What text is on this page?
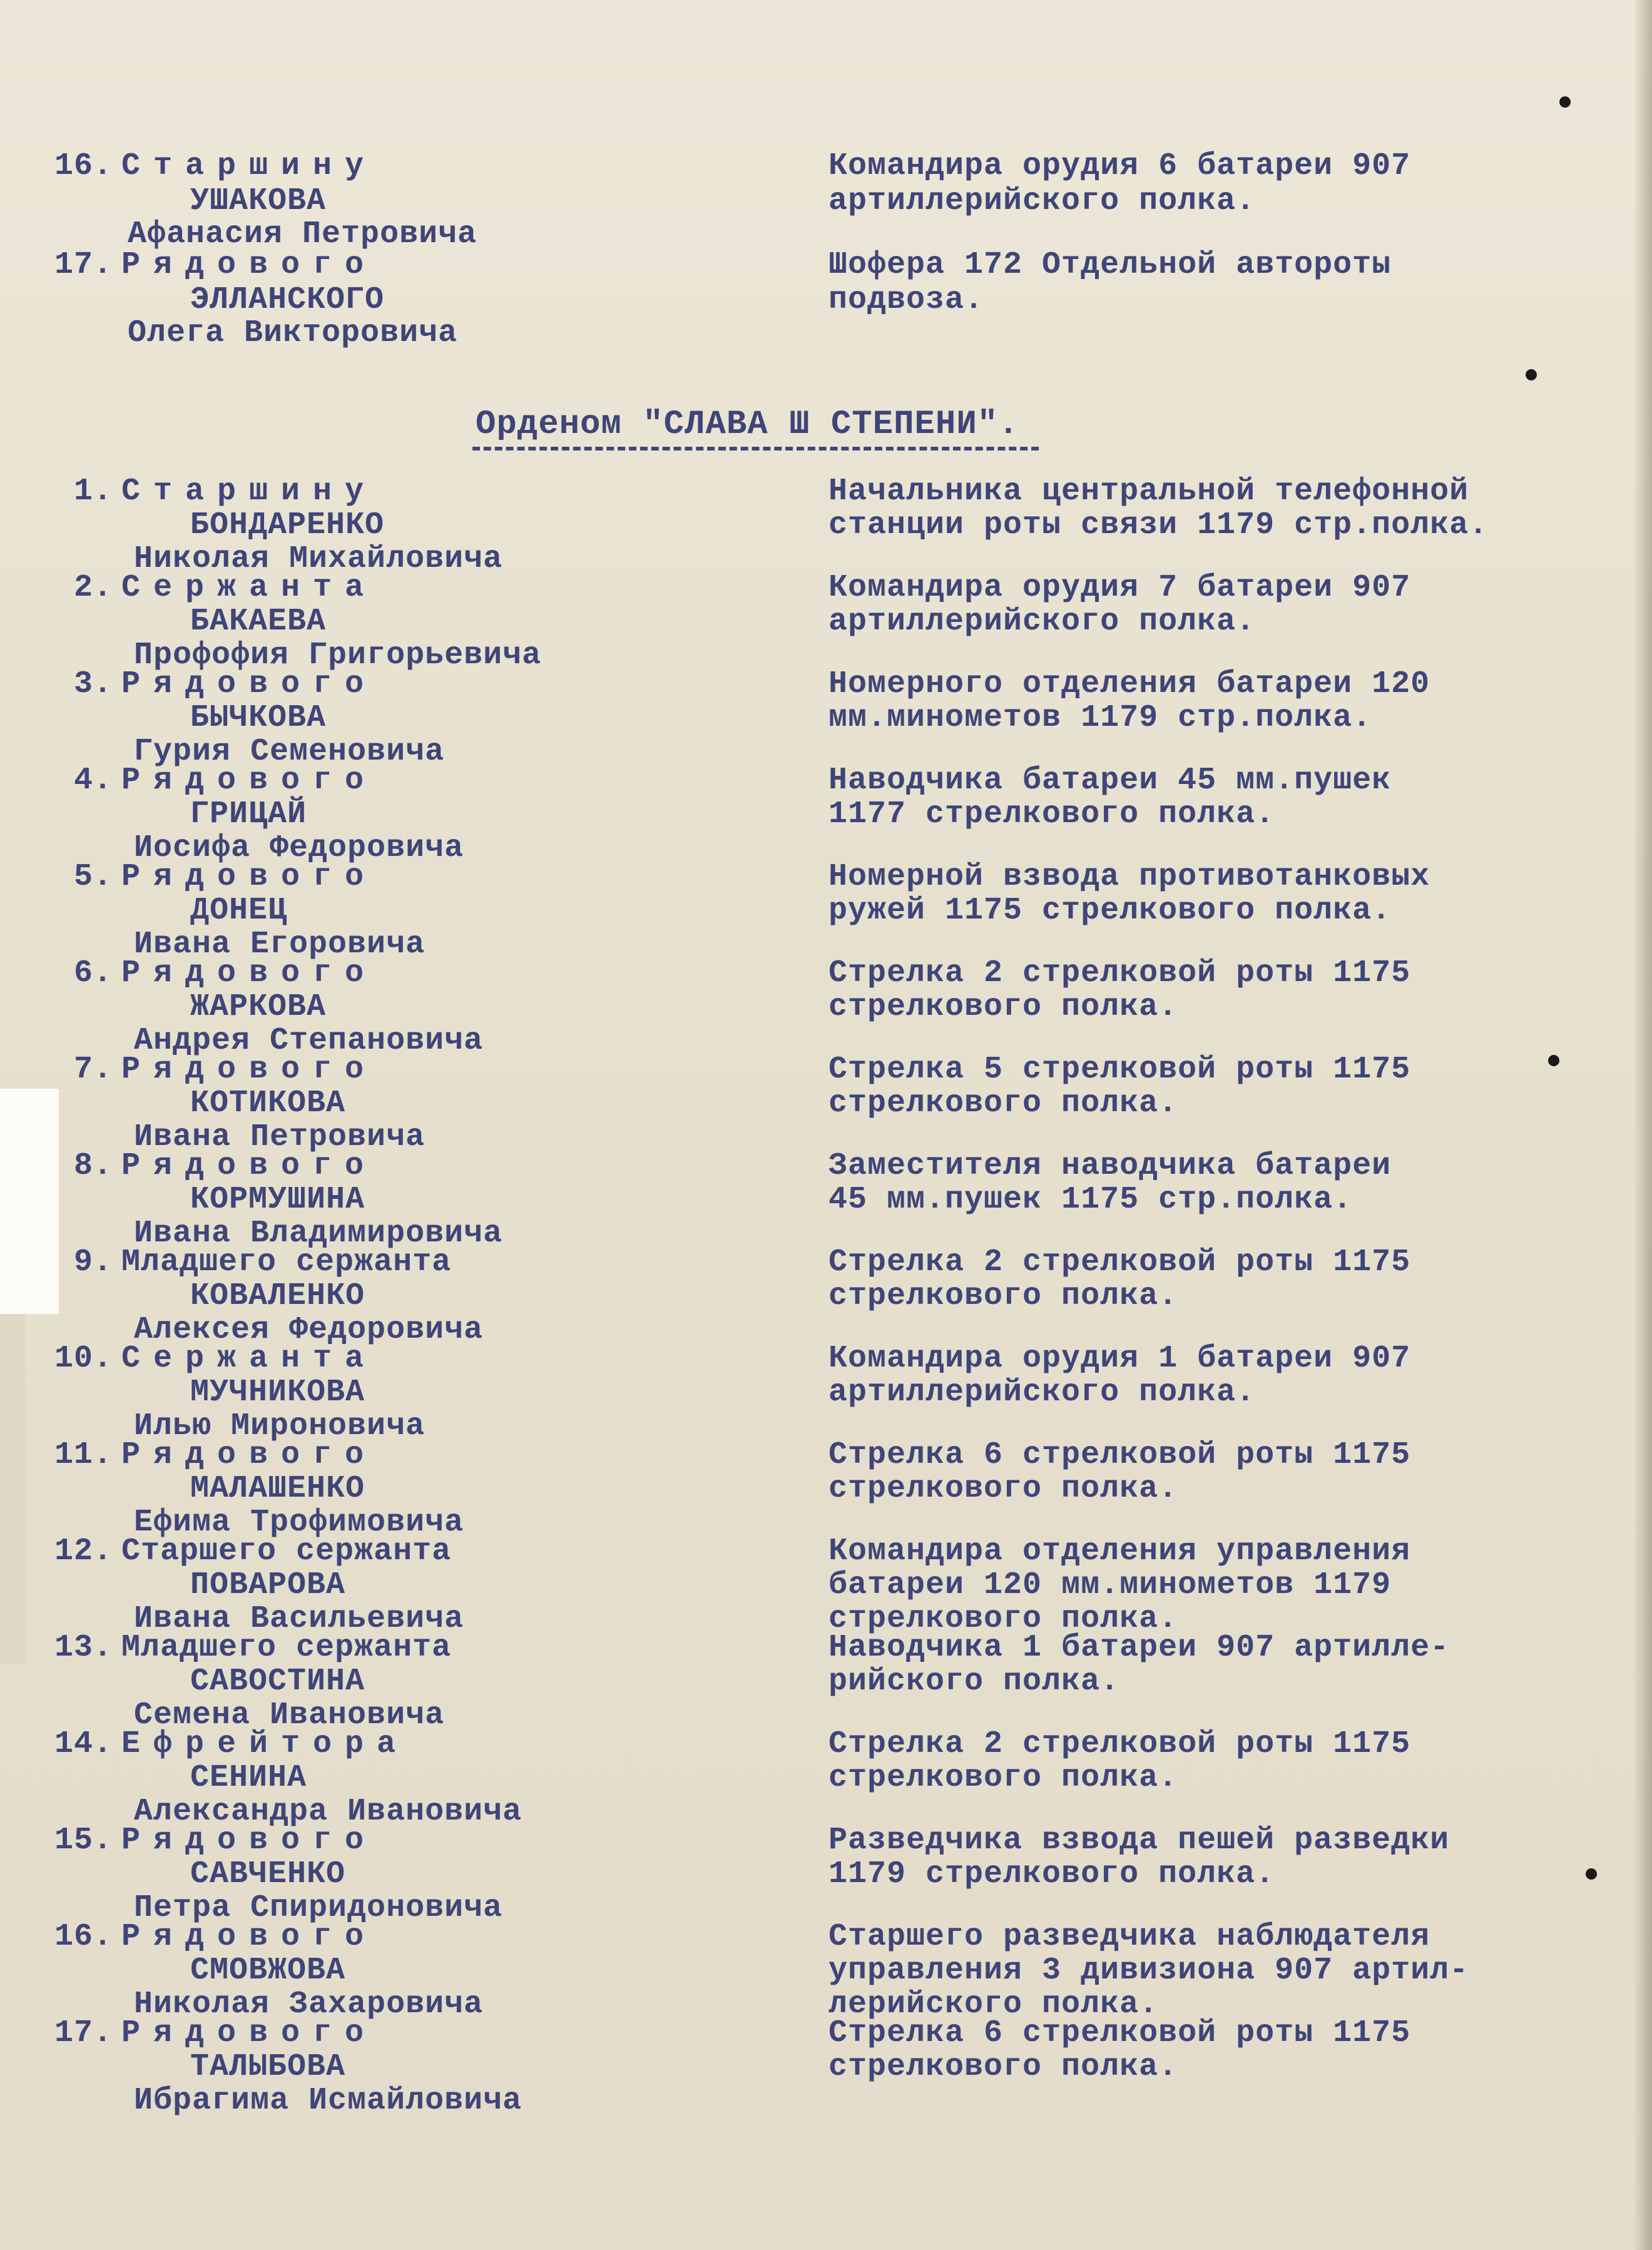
16. Старшину
УШАКОВА
Афанасия Петровича
Командира орудия 6 батареи 907
артиллерийского полка.
17. Рядового
ЭЛЛАНСКОГО
Олега Викторовича
Шофера 172 Отдельной автороты
подвоза.
Орденом "СЛАВА Ш СТЕПЕНИ".
1. Старшину
БОНДАРЕНКО
Николая Михайловича
Начальника центральной телефонной
станции роты связи 1179 стр.полка.
2. Сержанта
БАКАЕВА
Профофия Григорьевича
Командира орудия 7 батареи 907
артиллерийского полка.
3. Рядового
БЫЧКОВА
Гурия Семеновича
Номерного отделения батареи 120
мм.минометов 1179 стр.полка.
4. Рядового
ГРИЦАЙ
Иосифа Федоровича
Наводчика батареи 45 мм.пушек
1177 стрелкового полка.
5. Рядового
ДОНЕЦ
Ивана Егоровича
Номерной взвода противотанковых
ружей 1175 стрелкового полка.
6. Рядового
ЖАРКОВА
Андрея Степановича
Стрелка 2 стрелковой роты 1175
стрелкового полка.
7. Рядового
КОТИКОВА
Ивана Петровича
Стрелка 5 стрелковой роты 1175
стрелкового полка.
8. Рядового
КОРМУШИНА
Ивана Владимировича
Заместителя наводчика батареи
45 мм.пушек 1175 стр.полка.
9. Младшего сержанта
КОВАЛЕНКО
Алексея Федоровича
Стрелка 2 стрелковой роты 1175
стрелкового полка.
10. Сержанта
МУЧНИКОВА
Илью Мироновича
Командира орудия 1 батареи 907
артиллерийского полка.
11. Рядового
МАЛАШЕНКО
Ефима Трофимовича
Стрелка 6 стрелковой роты 1175
стрелкового полка.
12. Старшего сержанта
ПОВАРОВА
Ивана Васильевича
Командира отделения управления
батареи 120 мм.минометов 1179
стрелкового полка.
13. Младшего сержанта
САВОСТИНА
Семена Ивановича
Наводчика 1 батареи 907 артилле-
рийского полка.
14. Ефрейтора
СЕНИНА
Александра Ивановича
Стрелка 2 стрелковой роты 1175
стрелкового полка.
15. Рядового
САВЧЕНКО
Петра Спиридоновича
Разведчика взвода пешей разведки
1179 стрелкового полка.
16. Рядового
СМОВЖОВА
Николая Захаровича
Старшего разведчика наблюдателя
управления 3 дивизиона 907 артил-
лерийского полка.
17. Рядового
ТАЛЫБОВА
Ибрагима Исмайловича
Стрелка 6 стрелковой роты 1175
стрелкового полка.
